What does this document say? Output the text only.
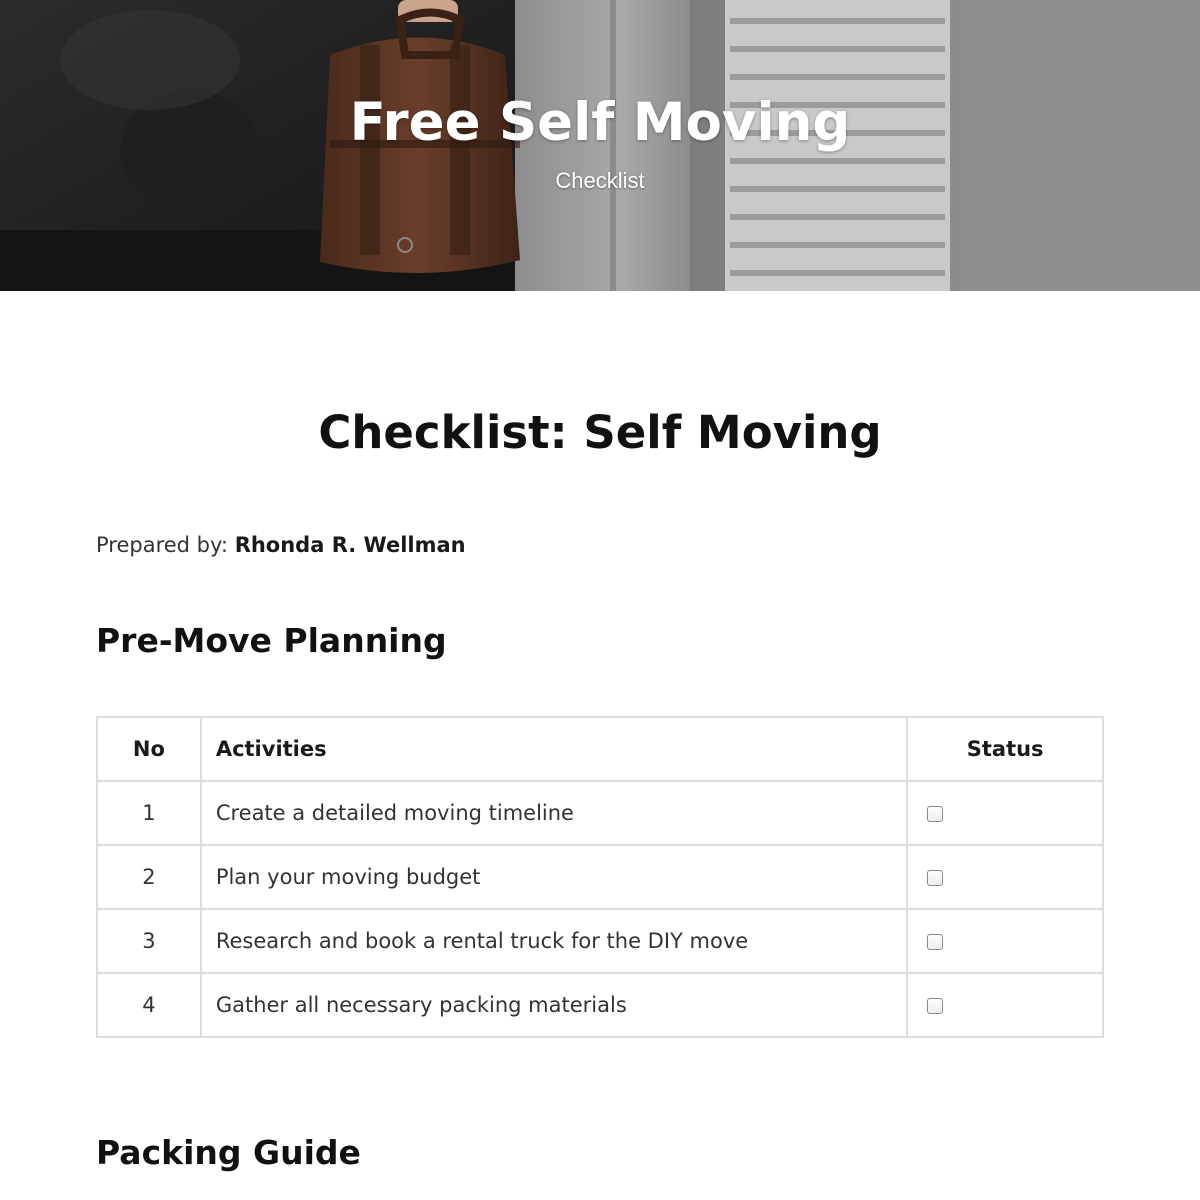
Free Self Moving
Checklist
Checklist: Self Moving
Prepared by: Rhonda R. Wellman
Pre-Move Planning
No	Activities	Status
1	Create a detailed moving timeline	
2	Plan your moving budget	
3	Research and book a rental truck for the DIY move	
4	Gather all necessary packing materials	
Packing Guide
